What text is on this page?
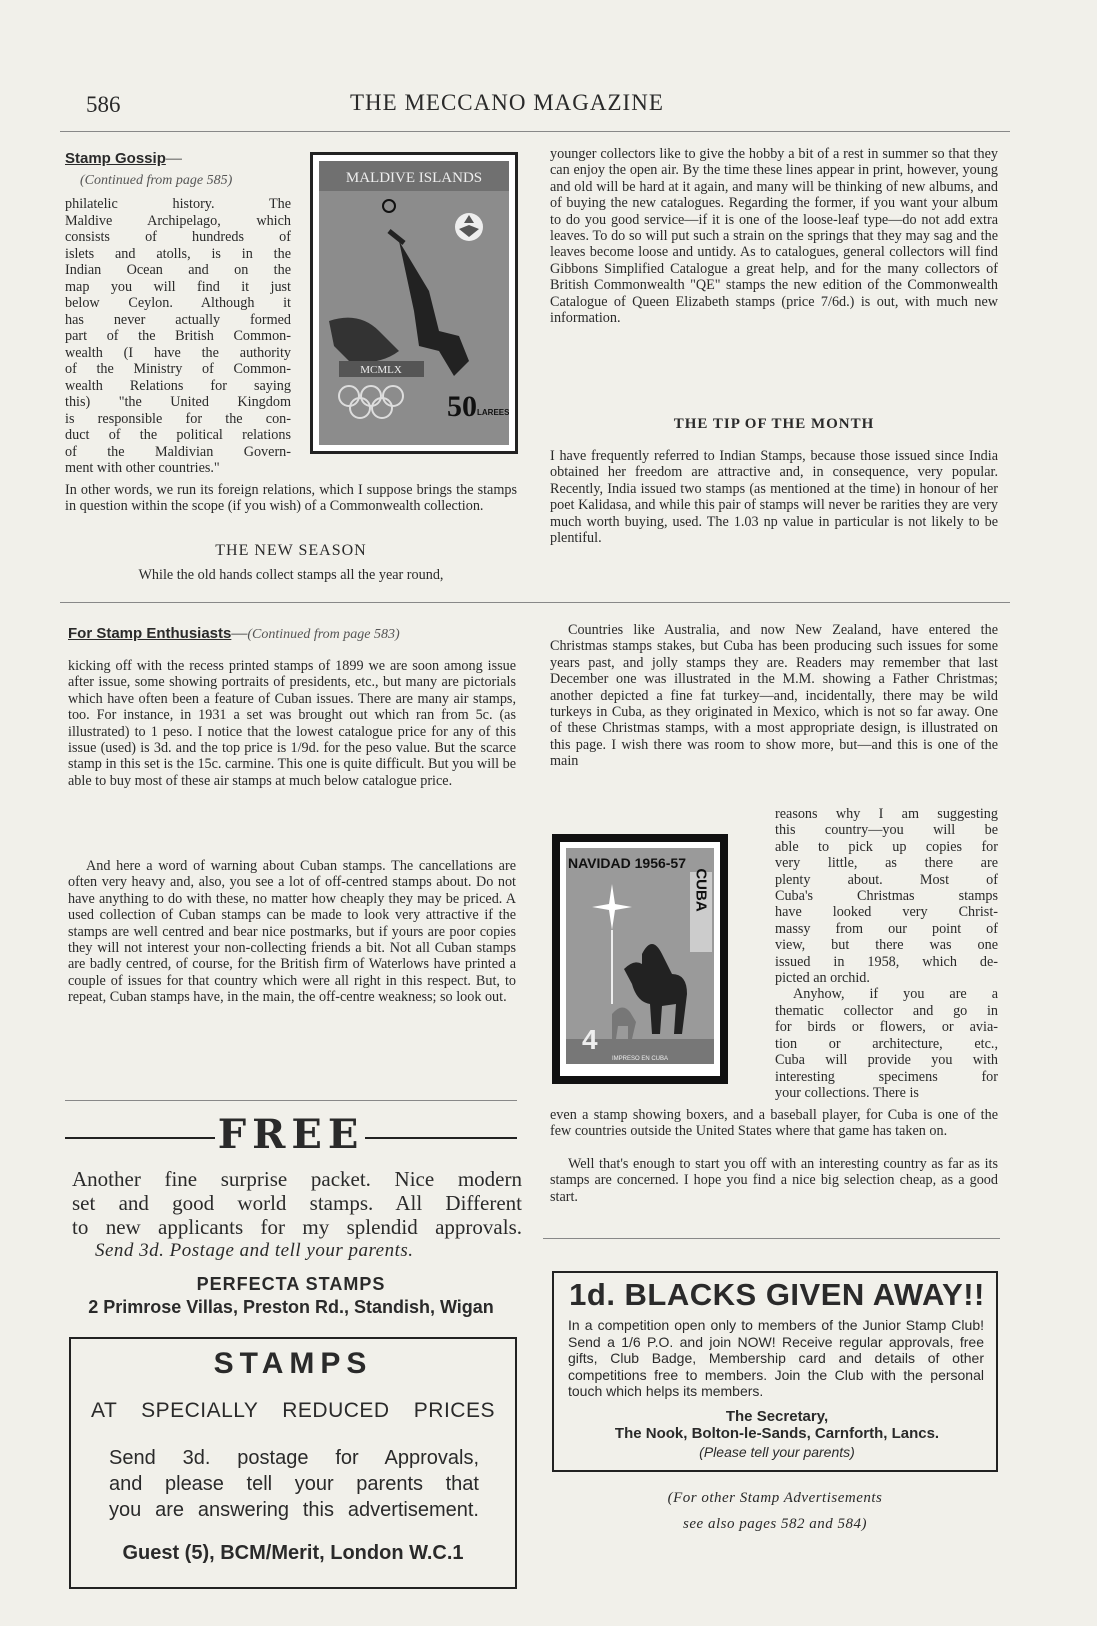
586	THE MECCANO MAGAZINE
Stamp Gossip—
(Continued from page 585)
philatelic history. The
Maldive Archipelago, which
consists of hundreds of
islets and atolls, is in the
Indian Ocean and on the
map you will find it just
below Ceylon. Although it
has never actually formed
part of the British Common-
wealth (I have the authority
of the Ministry of Common-
wealth Relations for saying
this) "the United Kingdom
is responsible for the con-
duct of the political relations
of the Maldivian Govern-
ment with other countries."
MALDIVE ISLANDS
MCMLX
50 LAREES
In other words, we run its foreign relations, which I suppose brings the stamps in question within the scope (if you wish) of a Commonwealth collection.
THE NEW SEASON
While the old hands collect stamps all the year round,
younger collectors like to give the hobby a bit of a rest in summer so that they can enjoy the open air. By the time these lines appear in print, however, young and old will be hard at it again, and many will be thinking of new albums, and of buying the new catalogues. Regarding the former, if you want your album to do you good service—if it is one of the loose-leaf type—do not add extra leaves. To do so will put such a strain on the springs that they may sag and the leaves become loose and untidy. As to catalogues, general collectors will find Gibbons Simplified Catalogue a great help, and for the many collectors of British Commonwealth "QE" stamps the new edition of the Commonwealth Catalogue of Queen Elizabeth stamps (price 7/6d.) is out, with much new information.
THE TIP OF THE MONTH
I have frequently referred to Indian Stamps, because those issued since India obtained her freedom are attractive and, in consequence, very popular. Recently, India issued two stamps (as mentioned at the time) in honour of her poet Kalidasa, and while this pair of stamps will never be rarities they are very much worth buying, used. The 1.03 np value in particular is not likely to be plentiful.
For Stamp Enthusiasts—(Continued from page 583)
kicking off with the recess printed stamps of 1899 we are soon among issue after issue, some showing portraits of presidents, etc., but many are pictorials which have often been a feature of Cuban issues. There are many air stamps, too. For instance, in 1931 a set was brought out which ran from 5c. (as illustrated) to 1 peso. I notice that the lowest catalogue price for any of this issue (used) is 3d. and the top price is 1/9d. for the peso value. But the scarce stamp in this set is the 15c. carmine. This one is quite difficult. But you will be able to buy most of these air stamps at much below catalogue price.
And here a word of warning about Cuban stamps. The cancellations are often very heavy and, also, you see a lot of off-centred stamps about. Do not have anything to do with these, no matter how cheaply they may be priced. A used collection of Cuban stamps can be made to look very attractive if the stamps are well centred and bear nice postmarks, but if yours are poor copies they will not interest your non-collecting friends a bit. Not all Cuban stamps are badly centred, of course, for the British firm of Waterlows have printed a couple of issues for that country which were all right in this respect. But, to repeat, Cuban stamps have, in the main, the off-centre weakness; so look out.
Countries like Australia, and now New Zealand, have entered the Christmas stamps stakes, but Cuba has been producing such issues for some years past, and jolly stamps they are. Readers may remember that last December one was illustrated in the M.M. showing a Father Christmas; another depicted a fine fat turkey—and, incidentally, there may be wild turkeys in Cuba, as they originated in Mexico, which is not so far away. One of these Christmas stamps, with a most appropriate design, is illustrated on this page. I wish there was room to show more, but—and this is one of the main
reasons why I am suggesting
this country—you will be
able to pick up copies for
very little, as there are
plenty about. Most of
Cuba's Christmas stamps
have looked very Christ-
massy from our point of
view, but there was one
issued in 1958, which de-
picted an orchid.
Anyhow, if you are a
thematic collector and go in
for birds or flowers, or avia-
tion or architecture, etc.,
Cuba will provide you with
interesting specimens for
your collections. There is
NAVIDAD 1956-57
CUBA
4
IMPRESO EN CUBA
even a stamp showing boxers, and a baseball player, for Cuba is one of the few countries outside the United States where that game has taken on.
Well that's enough to start you off with an interesting country as far as its stamps are concerned. I hope you find a nice big selection cheap, as a good start.
FREE
Another fine surprise packet. Nice modern
set and good world stamps. All Different
to new applicants for my splendid approvals.
Send 3d. Postage and tell your parents.
PERFECTA STAMPS
2 Primrose Villas, Preston Rd., Standish, Wigan
STAMPS
AT SPECIALLY REDUCED PRICES
Send 3d. postage for Approvals,
and please tell your parents that
you are answering this advertisement.
Guest (5), BCM/Merit, London W.C.1
1d. BLACKS GIVEN AWAY!!
In a competition open only to members of the Junior Stamp Club! Send a 1/6 P.O. and join NOW! Receive regular approvals, free gifts, Club Badge, Membership card and details of other competitions free to members. Join the Club with the personal touch which helps its members.
The Secretary,
The Nook, Bolton-le-Sands, Carnforth, Lancs.
(Please tell your parents)
(For other Stamp Advertisements
see also pages 582 and 584)
